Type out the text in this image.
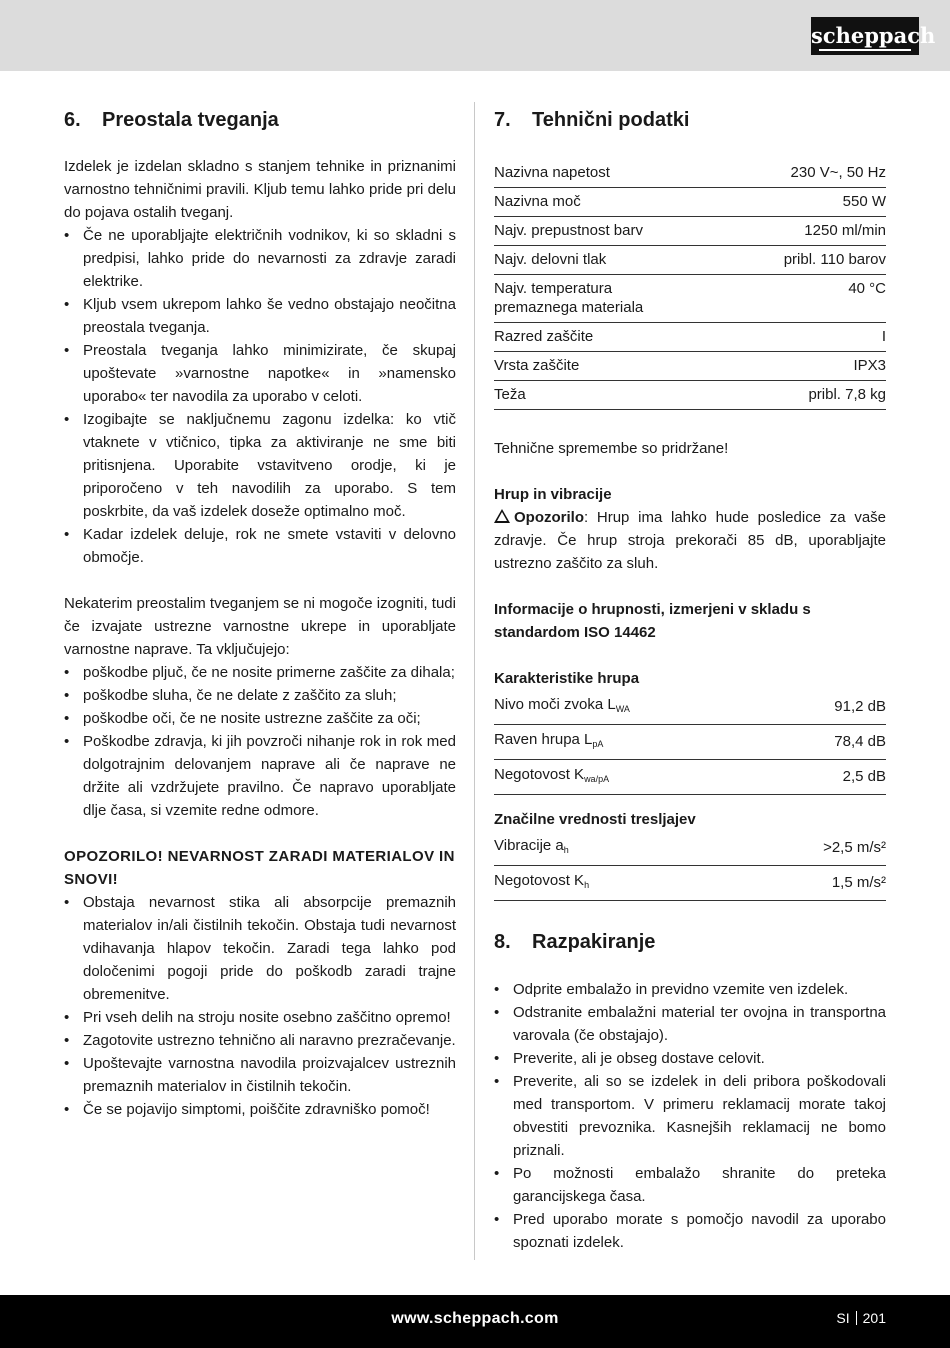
scheppach
6. Preostala tveganja

Izdelek je izdelan skladno s stanjem tehnike in priznanimi varnostno tehničnimi pravili. Kljub temu lahko pride pri delu do pojava ostalih tveganj.

• Če ne uporabljajte električnih vodnikov, ki so skladni s predpisi, lahko pride do nevarnosti za zdravje zaradi elektrike.
• Kljub vsem ukrepom lahko še vedno obstajajo neočitna preostala tveganja.
• Preostala tveganja lahko minimizirate, če skupaj upoštevate »varnostne napotke« in »namensko uporabo« ter navodila za uporabo v celoti.
• Izogibajte se naključnemu zagonu izdelka: ko vtič vtaknete v vtičnico, tipka za aktiviranje ne sme biti pritisnjena. Uporabite vstavitveno orodje, ki je priporočeno v teh navodilih za uporabo. S tem poskrbite, da vaš izdelek doseže optimalno moč.
• Kadar izdelek deluje, rok ne smete vstaviti v delovno območje.

Nekaterim preostalim tveganjem se ni mogoče izogniti, tudi če izvajate ustrezne varnostne ukrepe in uporabljate varnostne naprave. Ta vključujejo:

• poškodbe pljuč, če ne nosite primerne zaščite za dihala;
• poškodbe sluha, če ne delate z zaščito za sluh;
• poškodbe oči, če ne nosite ustrezne zaščite za oči;
• Poškodbe zdravja, ki jih povzroči nihanje rok in rok med dolgotrajnim delovanjem naprave ali če naprave ne držite ali vzdržujete pravilno. Če napravo uporabljate dlje časa, si vzemite redne odmore.

OPOZORILO! NEVARNOST ZARADI MATERIALOV IN SNOVI!

• Obstaja nevarnost stika ali absorpcije premaznih materialov in/ali čistilnih tekočin. Obstaja tudi nevarnost vdihavanja hlapov tekočin. Zaradi tega lahko pod določenimi pogoji pride do poškodb zaradi trajne obremenitve.
• Pri vseh delih na stroju nosite osebno zaščitno opremo!
• Zagotovite ustrezno tehnično ali naravno prezračevanje.
• Upoštevajte varnostna navodila proizvajalcev ustreznih premaznih materialov in čistilnih tekočin.
• Če se pojavijo simptomi, poiščite zdravniško pomoč!
7. Tehnični podatki
Nazivna napetost	230 V~, 50 Hz
Nazivna moč	550 W
Najv. prepustnost barv	1250 ml/min
Najv. delovni tlak	pribl. 110 barov
Najv. temperatura premaznega materiala	40 °C
Razred zaščite	I
Vrsta zaščite	IPX3
Teža	pribl. 7,8 kg

Tehnične spremembe so pridržane!

Hrup in vibracije

Opozorilo: Hrup ima lahko hude posledice za vaše zdravje. Če hrup stroja prekorači 85 dB, uporabljajte ustrezno zaščito za sluh.

Informacije o hrupnosti, izmerjeni v skladu s standardom ISO 14462

Karakteristike hrupa

Nivo moči zvoka $L_{WA}$	91,2 dB
Raven hrupa $L_{pA}$	78,4 dB
Negotovost $K_{wa/pA}$	2,5 dB

Značilne vrednosti tresljajev

Vibracije $a_h$	>2,5 m/s²
Negotovost $K_h$	1,5 m/s²
8. Razpakiranje
• Odprite embalažo in previdno vzemite ven izdelek.
• Odstranite embalažni material ter ovojna in transportna varovala (če obstajajo).
• Preverite, ali je obseg dostave celovit.
• Preverite, ali so se izdelek in deli pribora poškodovali med transportom. V primeru reklamacij morate takoj obvestiti prevoznika. Kasnejših reklamacij ne bomo priznali.
• Po možnosti embalažo shranite do preteka garancijskega časa.
• Pred uporabo morate s pomočjo navodil za uporabo spoznati izdelek.
www.scheppach.com	SI 201
